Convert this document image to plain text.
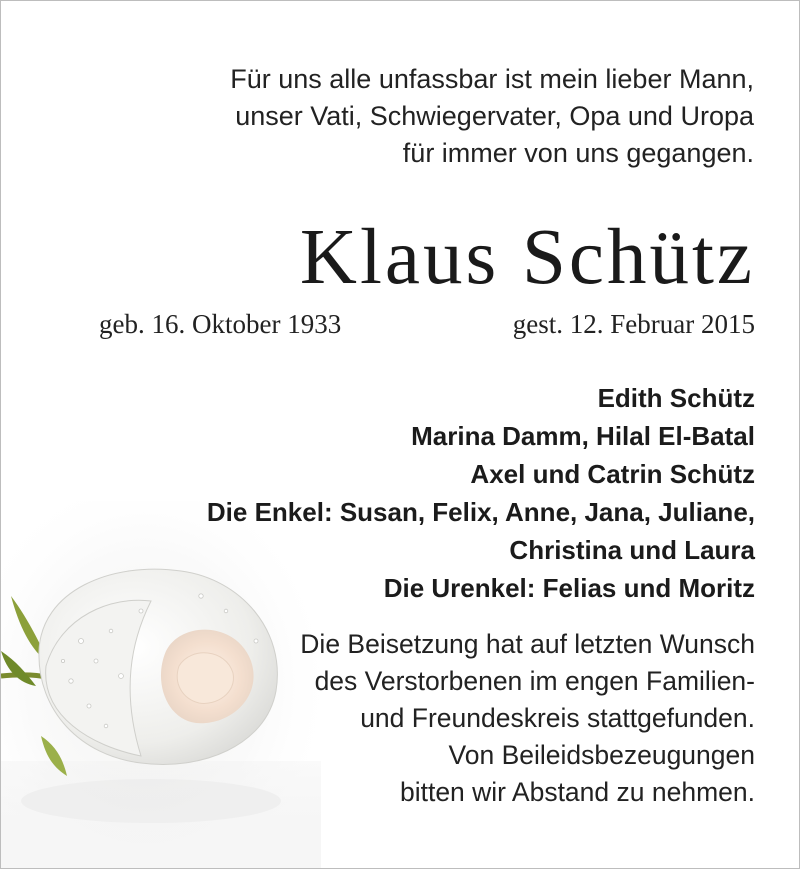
Für uns alle unfassbar ist mein lieber Mann,
unser Vati, Schwiegervater, Opa und Uropa
für immer von uns gegangen.
Klaus Schütz
geb. 16. Oktober 1933	gest. 12. Februar 2015
Edith Schütz
Marina Damm, Hilal El-Batal
Axel und Catrin Schütz
Die Enkel: Susan, Felix, Anne, Jana, Juliane,
Christina und Laura
Die Urenkel: Felias und Moritz
Die Beisetzung hat auf letzten Wunsch
des Verstorbenen im engen Familien-
und Freundeskreis stattgefunden.
Von Beileidsbezeugungen
bitten wir Abstand zu nehmen.
